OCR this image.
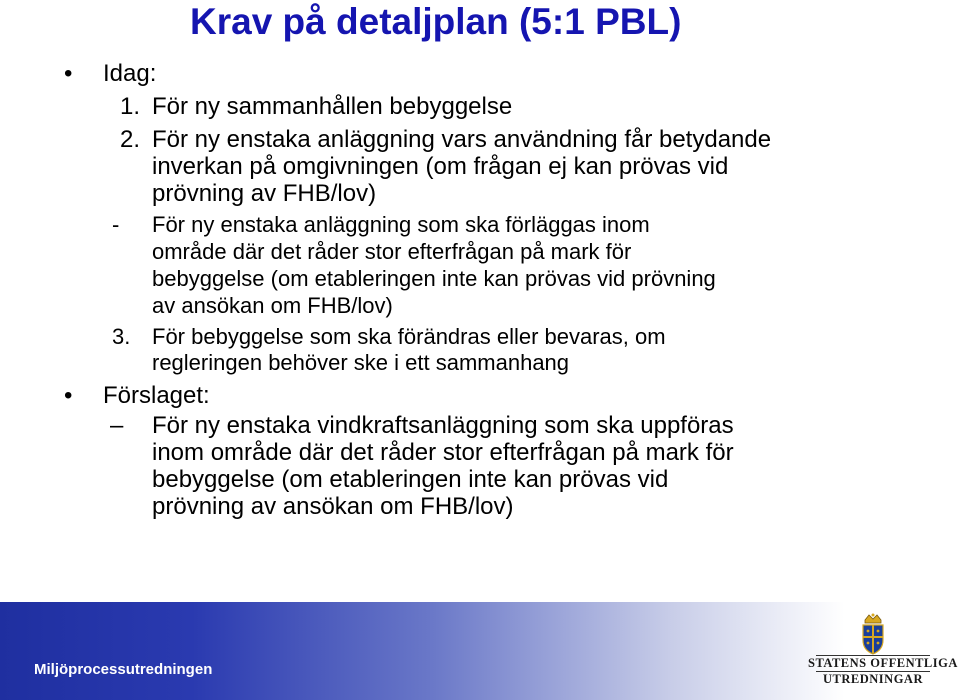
Krav på detaljplan (5:1 PBL)
• Idag:
1. För ny sammanhållen bebyggelse
2. För ny enstaka anläggning vars användning får betydande
inverkan på omgivningen (om frågan ej kan prövas vid
prövning av FHB/lov)
- För ny enstaka anläggning som ska förläggas inom
område där det råder stor efterfrågan på mark för
bebyggelse (om etableringen inte kan prövas vid prövning
av ansökan om FHB/lov)
3. För bebyggelse som ska förändras eller bevaras, om
regleringen behöver ske i ett sammanhang
• Förslaget:
– För ny enstaka vindkraftsanläggning som ska uppföras
inom område där det råder stor efterfrågan på mark för
bebyggelse (om etableringen inte kan prövas vid
prövning av ansökan om FHB/lov)
Miljöprocessutredningen	STATENS OFFENTLIGA
UTREDNINGAR
